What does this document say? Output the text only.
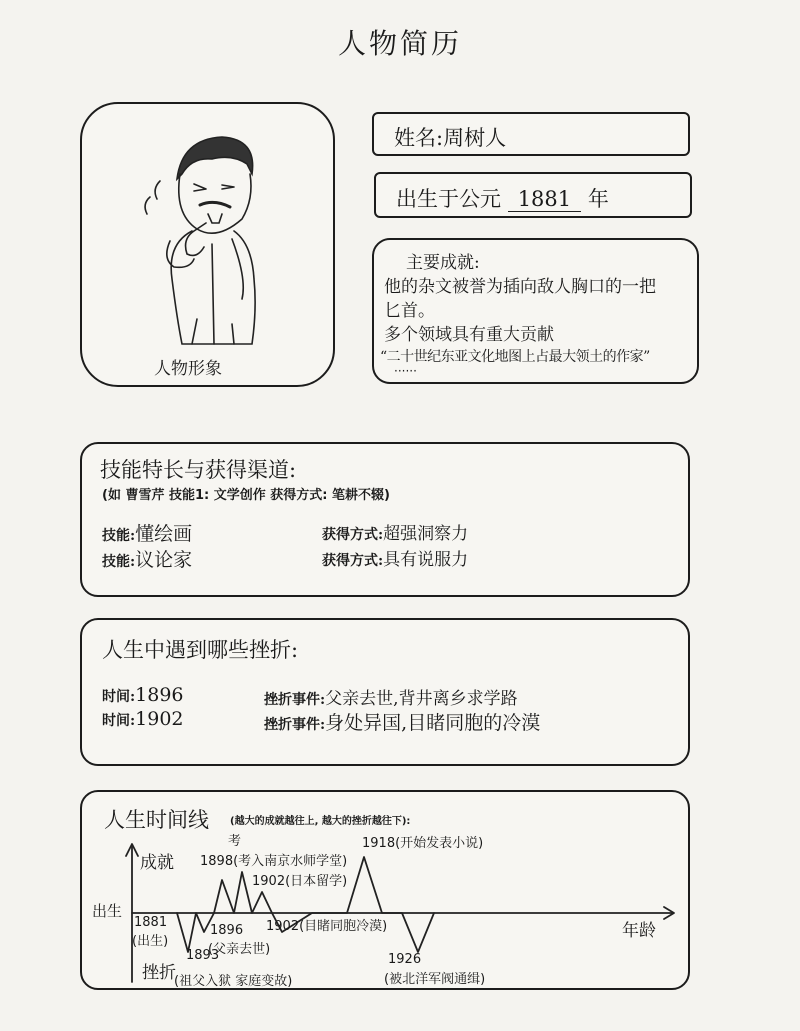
人物简历
人物形象
姓名:周树人
出生于公元 1881 年
主要成就:
他的杂文被誉为插向敌人胸口的一把
匕首。
多个领域具有重大贡献
“二十世纪东亚文化地图上占最大领土的作家”
······
技能特长与获得渠道:
(如 曹雪芹 技能1: 文学创作 获得方式: 笔耕不辍)
技能:懂绘画	获得方式:超强洞察力
技能:议论家	获得方式:具有说服力
人生中遇到哪些挫折:
时间:1896	挫折事件:父亲去世,背井离乡求学路
时间:1902	挫折事件:身处异国,目睹同胞的冷漠
人生时间线 (越大的成就越往上, 越大的挫折越往下):
成就
挫折
出生
年龄
1881
(出生)
1893
(祖父入狱 家庭变故)
1896
(父亲去世)
考
1898(考入南京水师学堂)
1902(日本留学)
1902(目睹同胞冷漠)
1918(开始发表小说)
1926
(被北洋军阀通缉)
